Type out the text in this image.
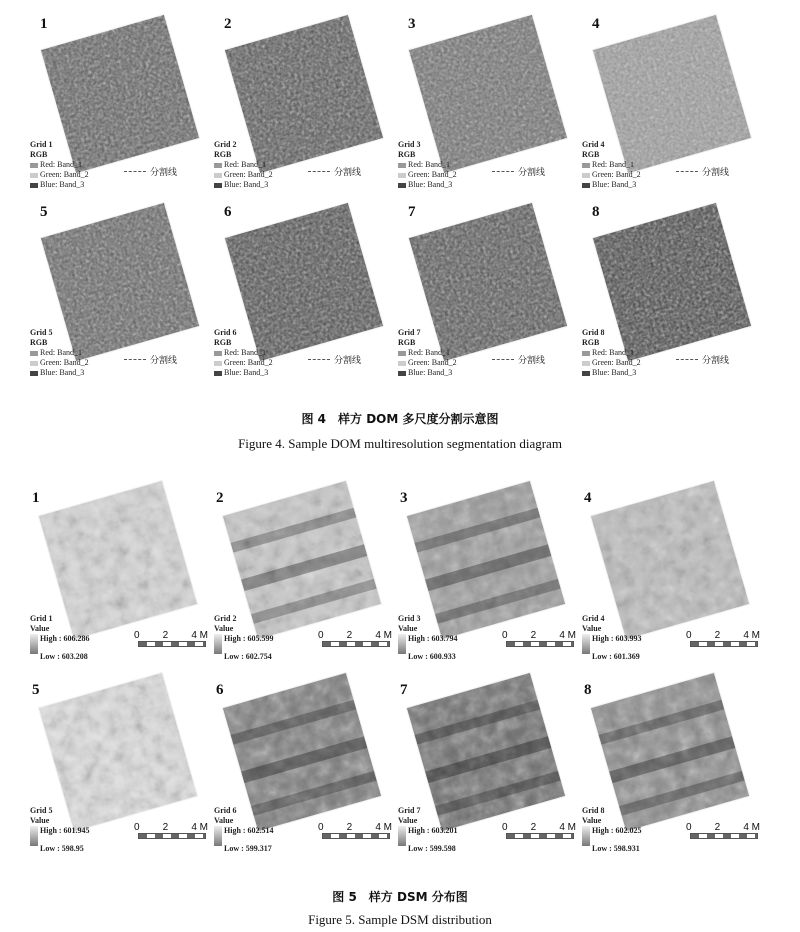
1
Grid 1
RGB
Red: Band_1
Green: Band_2
Blue: Band_3
分割线
2
Grid 2
RGB
Red: Band_1
Green: Band_2
Blue: Band_3
分割线
3
Grid 3
RGB
Red: Band_1
Green: Band_2
Blue: Band_3
分割线
4
Grid 4
RGB
Red: Band_1
Green: Band_2
Blue: Band_3
分割线
5
Grid 5
RGB
Red: Band_1
Green: Band_2
Blue: Band_3
分割线
6
Grid 6
RGB
Red: Band_1
Green: Band_2
Blue: Band_3
分割线
7
Grid 7
RGB
Red: Band_1
Green: Band_2
Blue: Band_3
分割线
8
Grid 8
RGB
Red: Band_1
Green: Band_2
Blue: Band_3
分割线
图 4　样方 DOM 多尺度分割示意图
Figure 4. Sample DOM multiresolution segmentation diagram
1
Grid 1
Value
High : 606.286
Low : 603.208
0 2 4 M
2
Grid 2
Value
High : 605.599
Low : 602.754
0 2 4 M
3
Grid 3
Value
High : 603.794
Low : 600.933
0 2 4 M
4
Grid 4
Value
High : 603.993
Low : 601.369
0 2 4 M
5
Grid 5
Value
High : 601.945
Low : 598.95
0 2 4 M
6
Grid 6
Value
High : 602.514
Low : 599.317
0 2 4 M
7
Grid 7
Value
High : 603.201
Low : 599.598
0 2 4 M
8
Grid 8
Value
High : 602.025
Low : 598.931
0 2 4 M
图 5　样方 DSM 分布图
Figure 5. Sample DSM distribution
